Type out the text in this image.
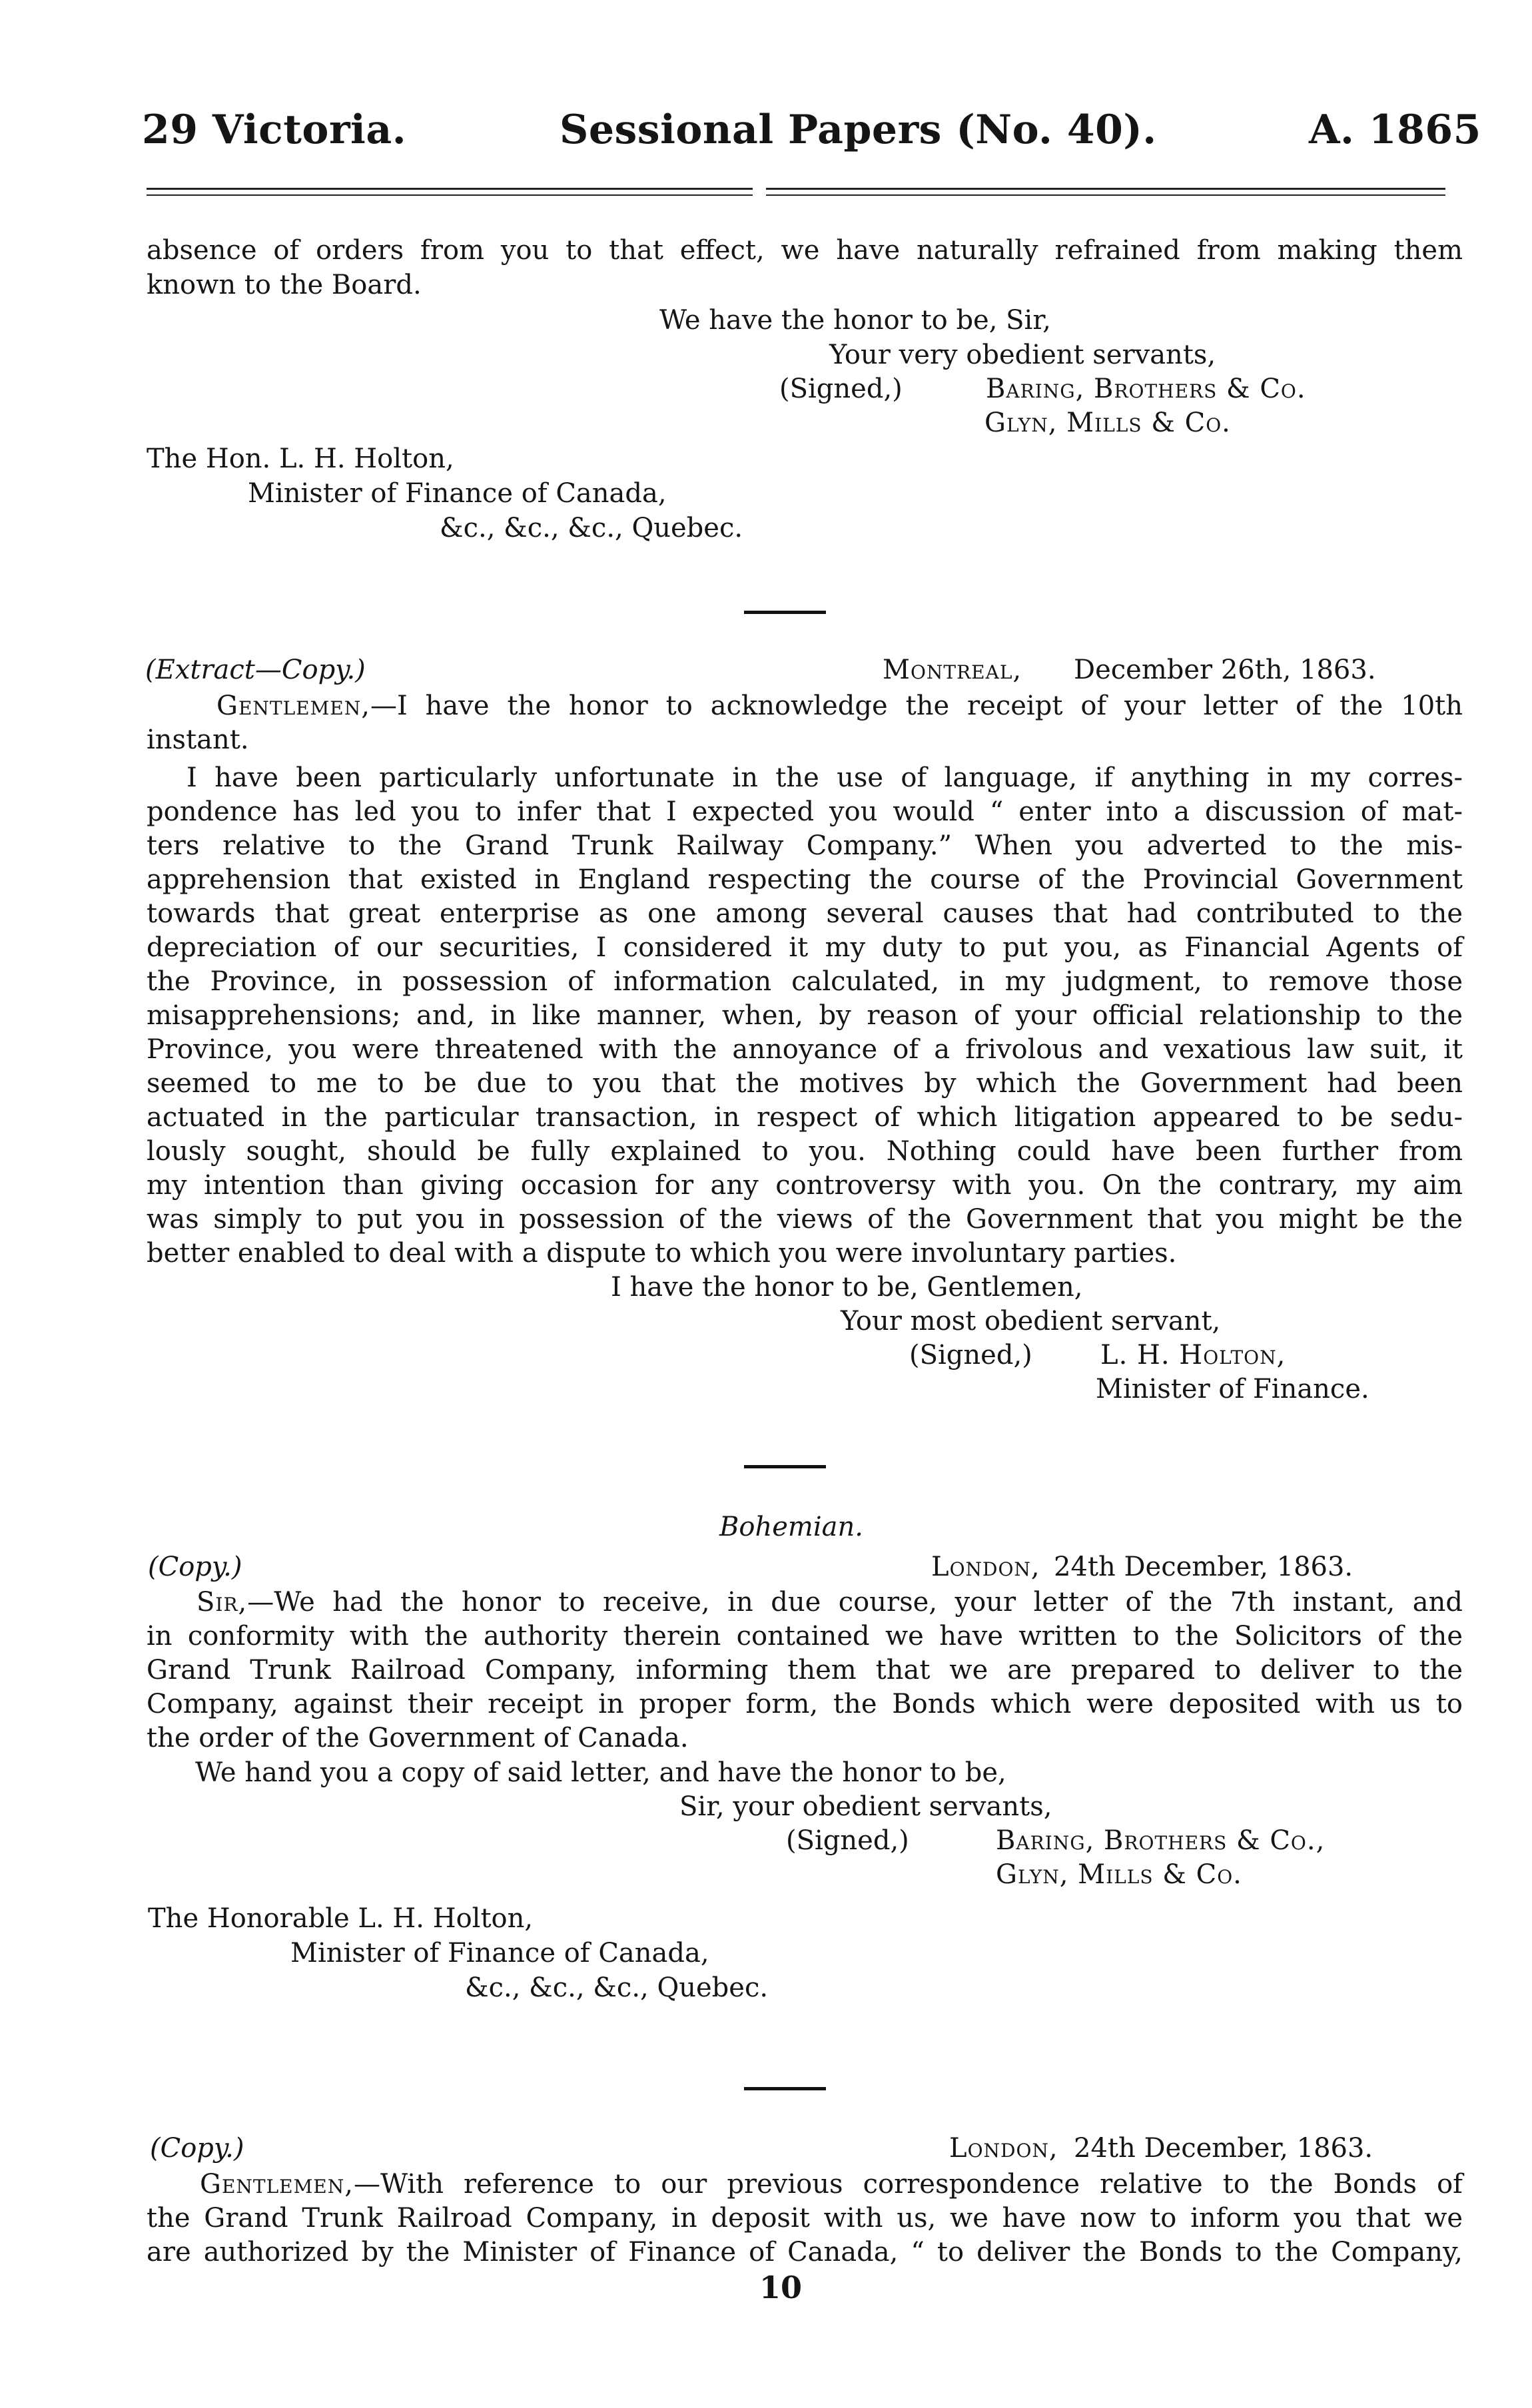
29 Victoria.	Sessional Papers (No. 40).	A. 1865
absence of orders from you to that effect, we have naturally refrained from making them
known to the Board.
We have the honor to be, Sir,
Your very obedient servants,
(Signed,)	Baring, Brothers & Co.
Glyn, Mills & Co.
The Hon. L. H. Holton,
Minister of Finance of Canada,
&c., &c., &c., Quebec.
(Extract—Copy.)	Montreal, December 26th, 1863.
Gentlemen, —I have the honor to acknowledge the receipt of your letter of the 10th
instant.
I have been particularly unfortunate in the use of language, if anything in my corres-
pondence has led you to infer that I expected you would “ enter into a discussion of mat-
ters relative to the Grand Trunk Railway Company.” When you adverted to the mis-
apprehension that existed in England respecting the course of the Provincial Government
towards that great enterprise as one among several causes that had contributed to the
depreciation of our securities, I considered it my duty to put you, as Financial Agents of
the Province, in possession of information calculated, in my judgment, to remove those
misapprehensions; and, in like manner, when, by reason of your official relationship to the
Province, you were threatened with the annoyance of a frivolous and vexatious law suit, it
seemed to me to be due to you that the motives by which the Government had been
actuated in the particular transaction, in respect of which litigation appeared to be sedu-
lously sought, should be fully explained to you. Nothing could have been further from
my intention than giving occasion for any controversy with you. On the contrary, my aim
was simply to put you in possession of the views of the Government that you might be the
better enabled to deal with a dispute to which you were involuntary parties.
I have the honor to be, Gentlemen,
Your most obedient servant,
(Signed,)	L. H. Holton,
Minister of Finance.
Bohemian.
(Copy.)	London, 24th December, 1863.
Sir, —We had the honor to receive, in due course, your letter of the 7th instant, and
in conformity with the authority therein contained we have written to the Solicitors of the
Grand Trunk Railroad Company, informing them that we are prepared to deliver to the
Company, against their receipt in proper form, the Bonds which were deposited with us to
the order of the Government of Canada.
We hand you a copy of said letter, and have the honor to be,
Sir, your obedient servants,
(Signed,)	Baring, Brothers & Co.,
Glyn, Mills & Co.
The Honorable L. H. Holton,
Minister of Finance of Canada,
&c., &c., &c., Quebec.
(Copy.)	London, 24th December, 1863.
Gentlemen, —With reference to our previous correspondence relative to the Bonds of
the Grand Trunk Railroad Company, in deposit with us, we have now to inform you that we
are authorized by the Minister of Finance of Canada, “ to deliver the Bonds to the Company,
10
